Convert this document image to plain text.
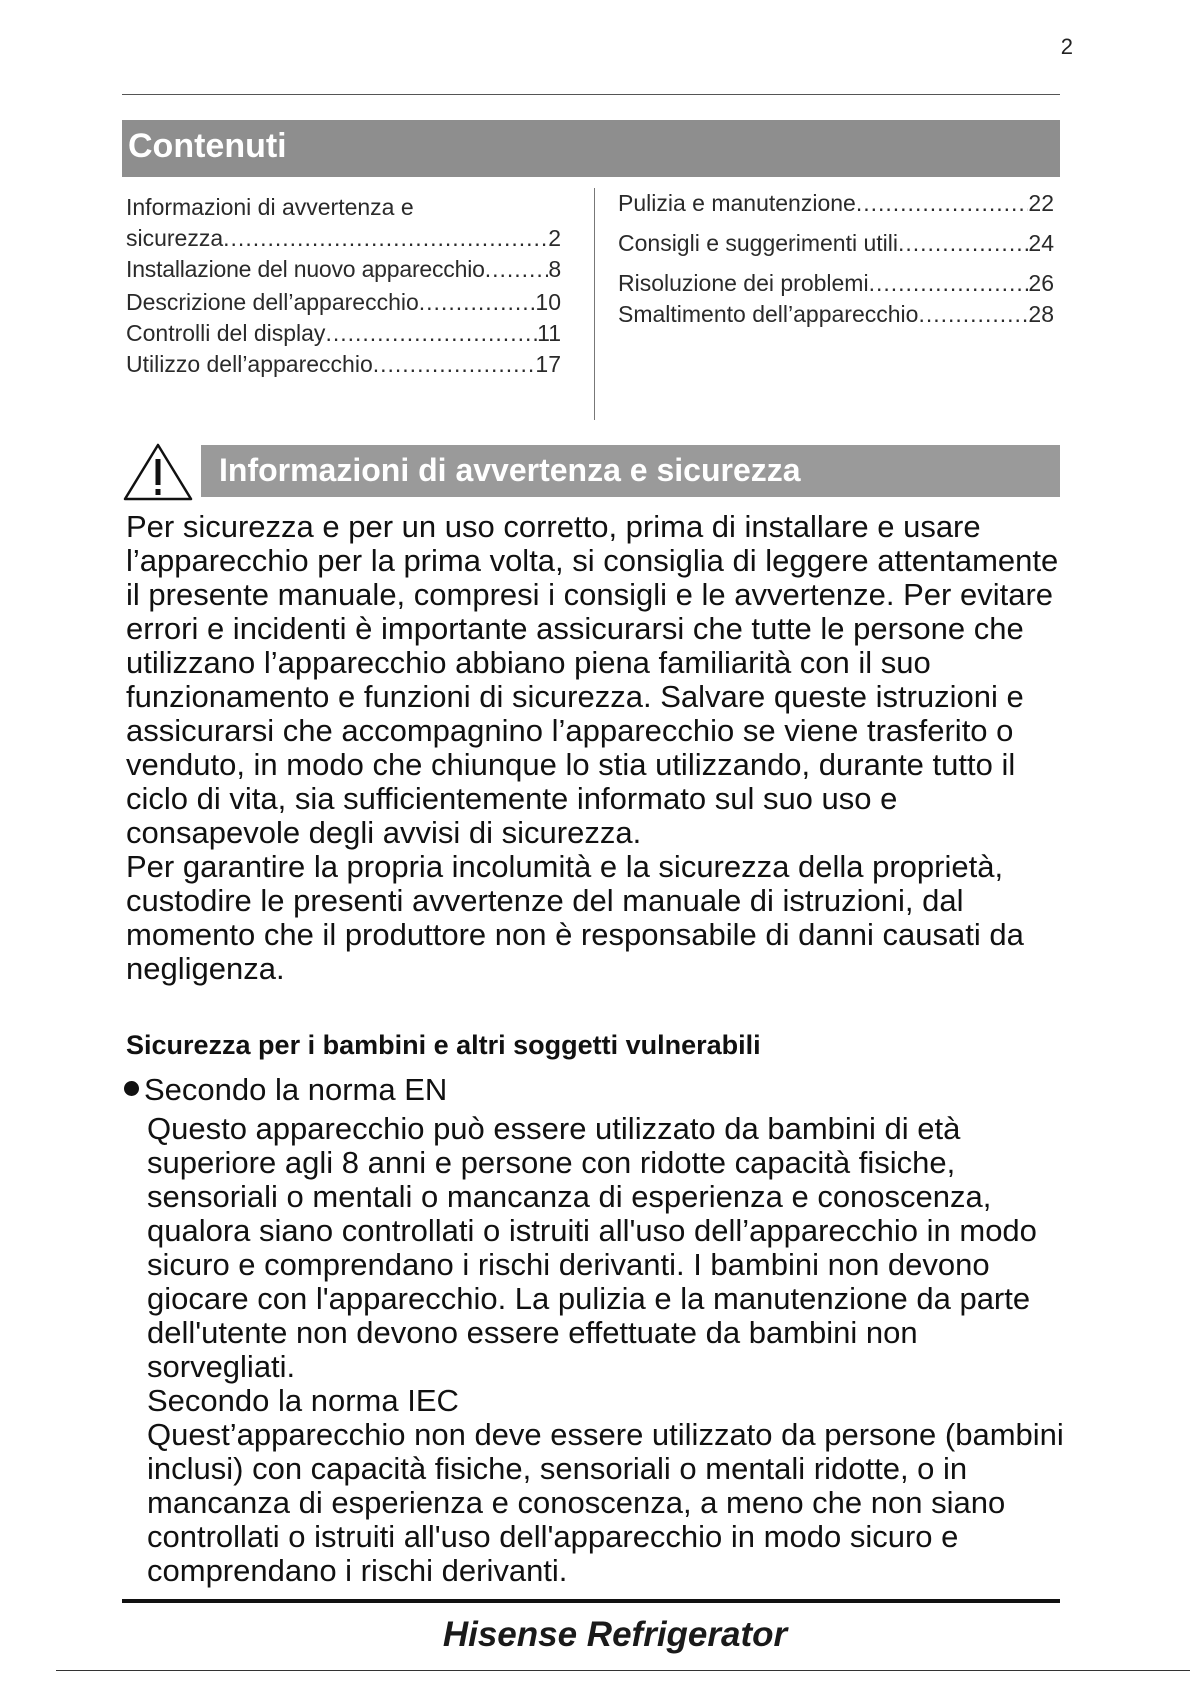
2
Contenuti
Informazioni di avvertenza e
sicurezza .....	2
Installazione del nuovo apparecchio .....	8
Descrizione dell’apparecchio .....	10
Controlli del display .....	11
Utilizzo dell’apparecchio .....	17
Pulizia e manutenzione .....	22
Consigli e suggerimenti utili .....	24
Risoluzione dei problemi .....	26
Smaltimento dell’apparecchio .....	28
Informazioni di avvertenza e sicurezza

Per sicurezza e per un uso corretto, prima di installare e usare l’apparecchio per la prima volta, si consiglia di leggere attentamente il presente manuale, compresi i consigli e le avvertenze. Per evitare errori e incidenti è importante assicurarsi che tutte le persone che utilizzano l’apparecchio abbiano piena familiarità con il suo funzionamento e funzioni di sicurezza. Salvare queste istruzioni e assicurarsi che accompagnino l’apparecchio se viene trasferito o venduto, in modo che chiunque lo stia utilizzando, durante tutto il ciclo di vita, sia sufficientemente informato sul suo uso e consapevole degli avvisi di sicurezza.
Per garantire la propria incolumità e la sicurezza della proprietà, custodire le presenti avvertenze del manuale di istruzioni, dal momento che il produttore non è responsabile di danni causati da negligenza.

Sicurezza per i bambini e altri soggetti vulnerabili
Secondo la norma EN

Questo apparecchio può essere utilizzato da bambini di età superiore agli 8 anni e persone con ridotte capacità fisiche, sensoriali o mentali o mancanza di esperienza e conoscenza, qualora siano controllati o istruiti all'uso dell’apparecchio in modo sicuro e comprendano i rischi derivanti. I bambini non devono giocare con l'apparecchio. La pulizia e la manutenzione da parte dell'utente non devono essere effettuate da bambini non sorvegliati.
Secondo la norma IEC
Quest’apparecchio non deve essere utilizzato da persone (bambini inclusi) con capacità fisiche, sensoriali o mentali ridotte, o in mancanza di esperienza e conoscenza, a meno che non siano controllati o istruiti all'uso dell'apparecchio in modo sicuro e comprendano i rischi derivanti.

Hisense Refrigerator
